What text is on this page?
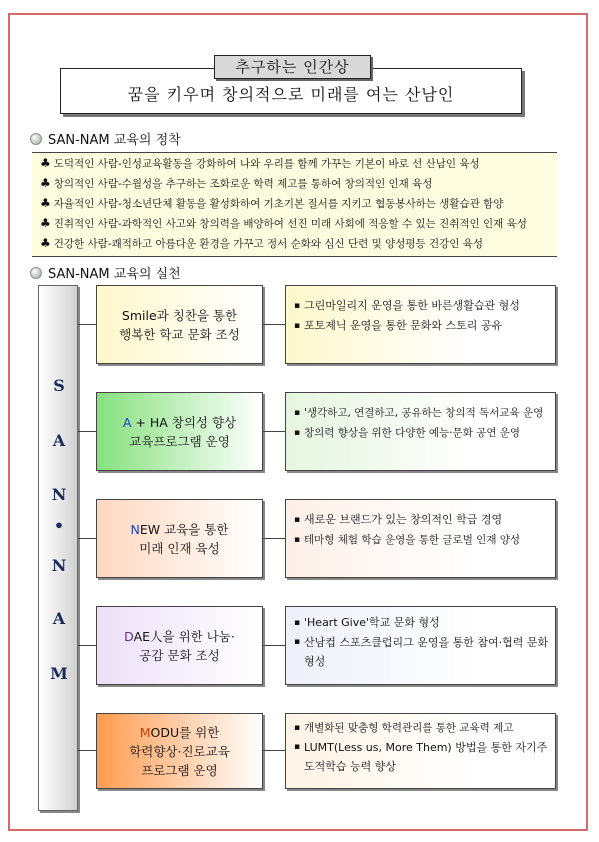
꿈을 키우며 창의적으로 미래를 여는 산남인
추구하는 인간상
SAN-NAM 교육의 정착
♣ 도덕적인 사람-인성교육활동을 강화하여 나와 우리를 함께 가꾸는 기본이 바로 선 산남인 육성
♣ 창의적인 사람-수월성을 추구하는 조화로운 학력 제고를 통하여 창의적인 인재 육성
♣ 자율적인 사람-청소년단체 활동을 활성화하여 기초기본 질서를 지키고 협동봉사하는 생활습관 함양
♣ 진취적인 사람-과학적인 사고와 창의력을 배양하여 선진 미래 사회에 적응할 수 있는 진취적인 인재 육성
♣ 건강한 사람-쾌적하고 아름다운 환경을 가꾸고 정서 순화와 심신 단련 및 양성평등 건강인 육성
SAN-NAM 교육의 실천
S
A
N
•
N
A
M
Smile과 칭찬을 통한
행복한 학교 문화 조성
▪ 그린마일리지 운영을 통한 바른생활습관 형성
▪ 포토제닉 운영을 통한 문화와 스토리 공유
A + HA 창의성 향상
교육프로그램 운영
▪ '생각하고, 연결하고, 공유하는 창의적 독서교육 운영
▪ 창의력 향상을 위한 다양한 예능·문화 공연 운영
NEW 교육을 통한
미래 인재 육성
▪ 새로운 브랜드가 있는 창의적인 학급 경영
▪ 테마형 체험 학습 운영을 통한 글로벌 인재 양성
DAE人을 위한 나눔·
공감 문화 조성
▪ 'Heart Give'학교 문화 형성
▪ 산남컵 스포츠클럽리그 운영을 통한 참여·협력 문화 형성
MODU를 위한
학력향상·진로교육
프로그램 운영
▪ 개별화된 맞춤형 학력관리를 통한 교육력 제고
▪ LUMT(Less us, More Them) 방법을 통한 자기주도적학습 능력 향상
